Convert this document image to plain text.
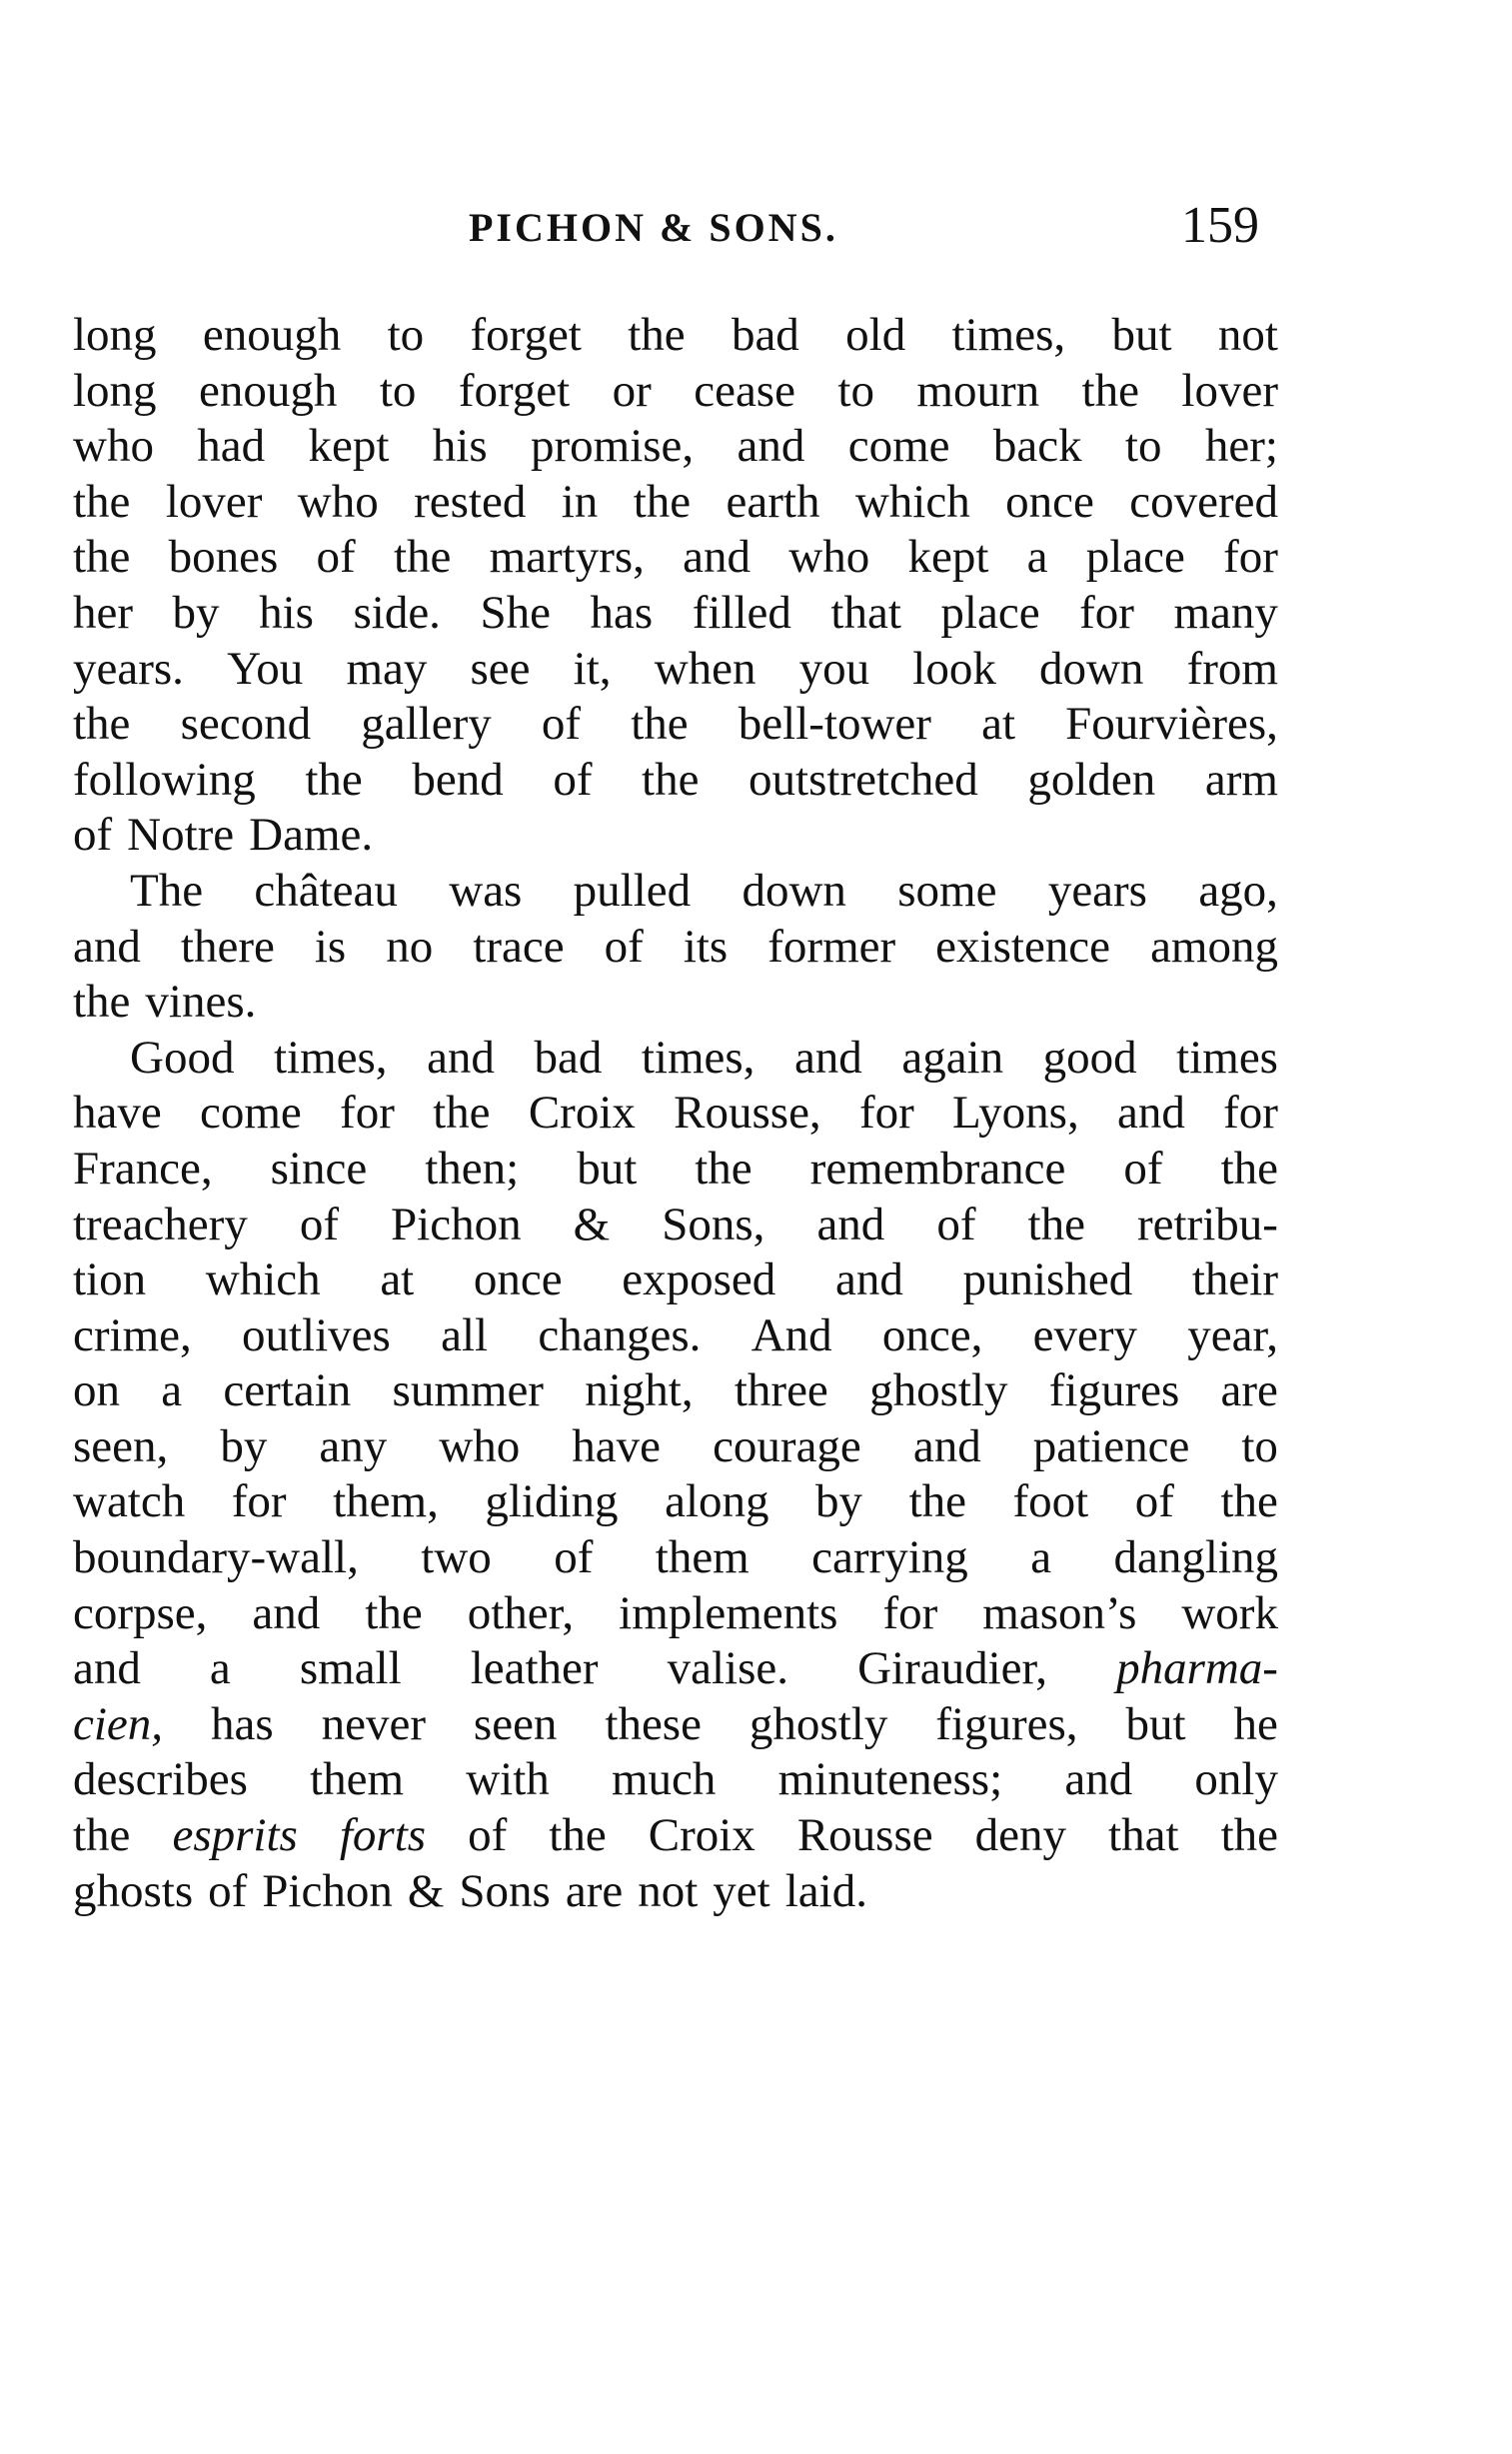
PICHON & SONS.	159
long enough to forget the bad old times, but not
long enough to forget or cease to mourn the lover
who had kept his promise, and come back to her;
the lover who rested in the earth which once covered
the bones of the martyrs, and who kept a place for
her by his side. She has filled that place for many
years. You may see it, when you look down from
the second gallery of the bell-tower at Fourvières,
following the bend of the outstretched golden arm
of Notre Dame.
The château was pulled down some years ago,
and there is no trace of its former existence among
the vines.
Good times, and bad times, and again good times
have come for the Croix Rousse, for Lyons, and for
France, since then; but the remembrance of the
treachery of Pichon & Sons, and of the retribu-
tion which at once exposed and punished their
crime, outlives all changes. And once, every year,
on a certain summer night, three ghostly figures are
seen, by any who have courage and patience to
watch for them, gliding along by the foot of the
boundary-wall, two of them carrying a dangling
corpse, and the other, implements for mason’s work
and a small leather valise. Giraudier, pharma-
cien, has never seen these ghostly figures, but he
describes them with much minuteness; and only
the esprits forts of the Croix Rousse deny that the
ghosts of Pichon & Sons are not yet laid.
